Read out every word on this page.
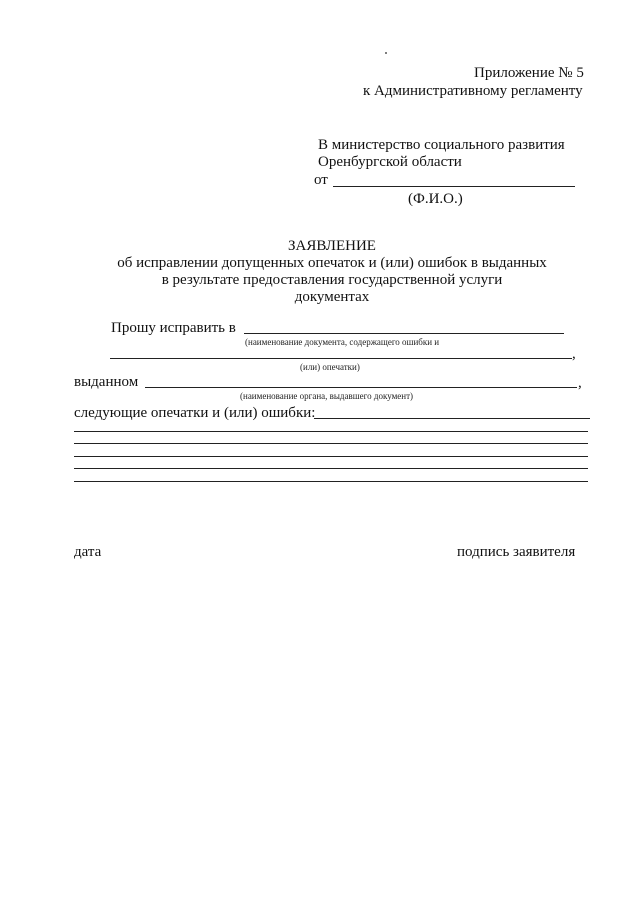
Приложение № 5
к Административному регламенту
В министерство социального развития
Оренбургской области
от
(Ф.И.О.)
ЗАЯВЛЕНИЕ
об исправлении допущенных опечаток и (или) ошибок в выданных
в результате предоставления государственной услуги
документах
Прошу исправить в
(наименование документа, содержащего ошибки и
,
(или) опечатки)
выданном	,
(наименование органа, выдавшего документ)
следующие опечатки и (или) ошибки:
дата	подпись заявителя
